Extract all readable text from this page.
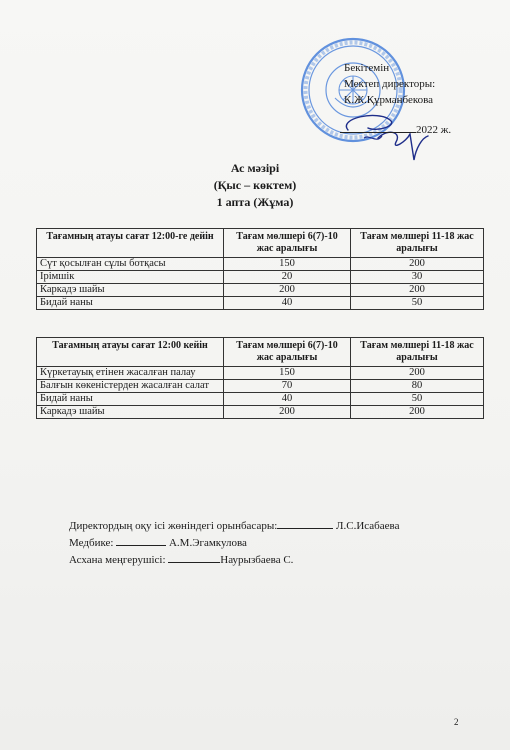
Бекітемін
Мектеп директоры:
К.Ж.Құрманбекова
2022 ж.
Ас мәзірі
(Қыс – көктем)
1 апта (Жұма)
Тағамның атауы сағат 12:00-ге дейін	Тағам мөлшері 6(7)-10 жас аралығы	Тағам мөлшері 11-18 жас аралығы
Сүт қосылған сұлы ботқасы	150	200
Ірімшік	20	30
Каркадэ шайы	200	200
Бидай наны	40	50
Тағамның атауы сағат 12:00 кейін	Тағам мөлшері 6(7)-10 жас аралығы	Тағам мөлшері 11-18 жас аралығы
Күркетауық етінен жасалған палау	150	200
Балғын көкеністерден жасалған салат	70	80
Бидай наны	40	50
Каркадэ шайы	200	200
Директордың оқу ісі жөніндегі орынбасары:	Л.С.Исабаева
Медбике:	А.М.Эгамкулова
Асхана меңгерушісі:	Наурызбаева С.
2
